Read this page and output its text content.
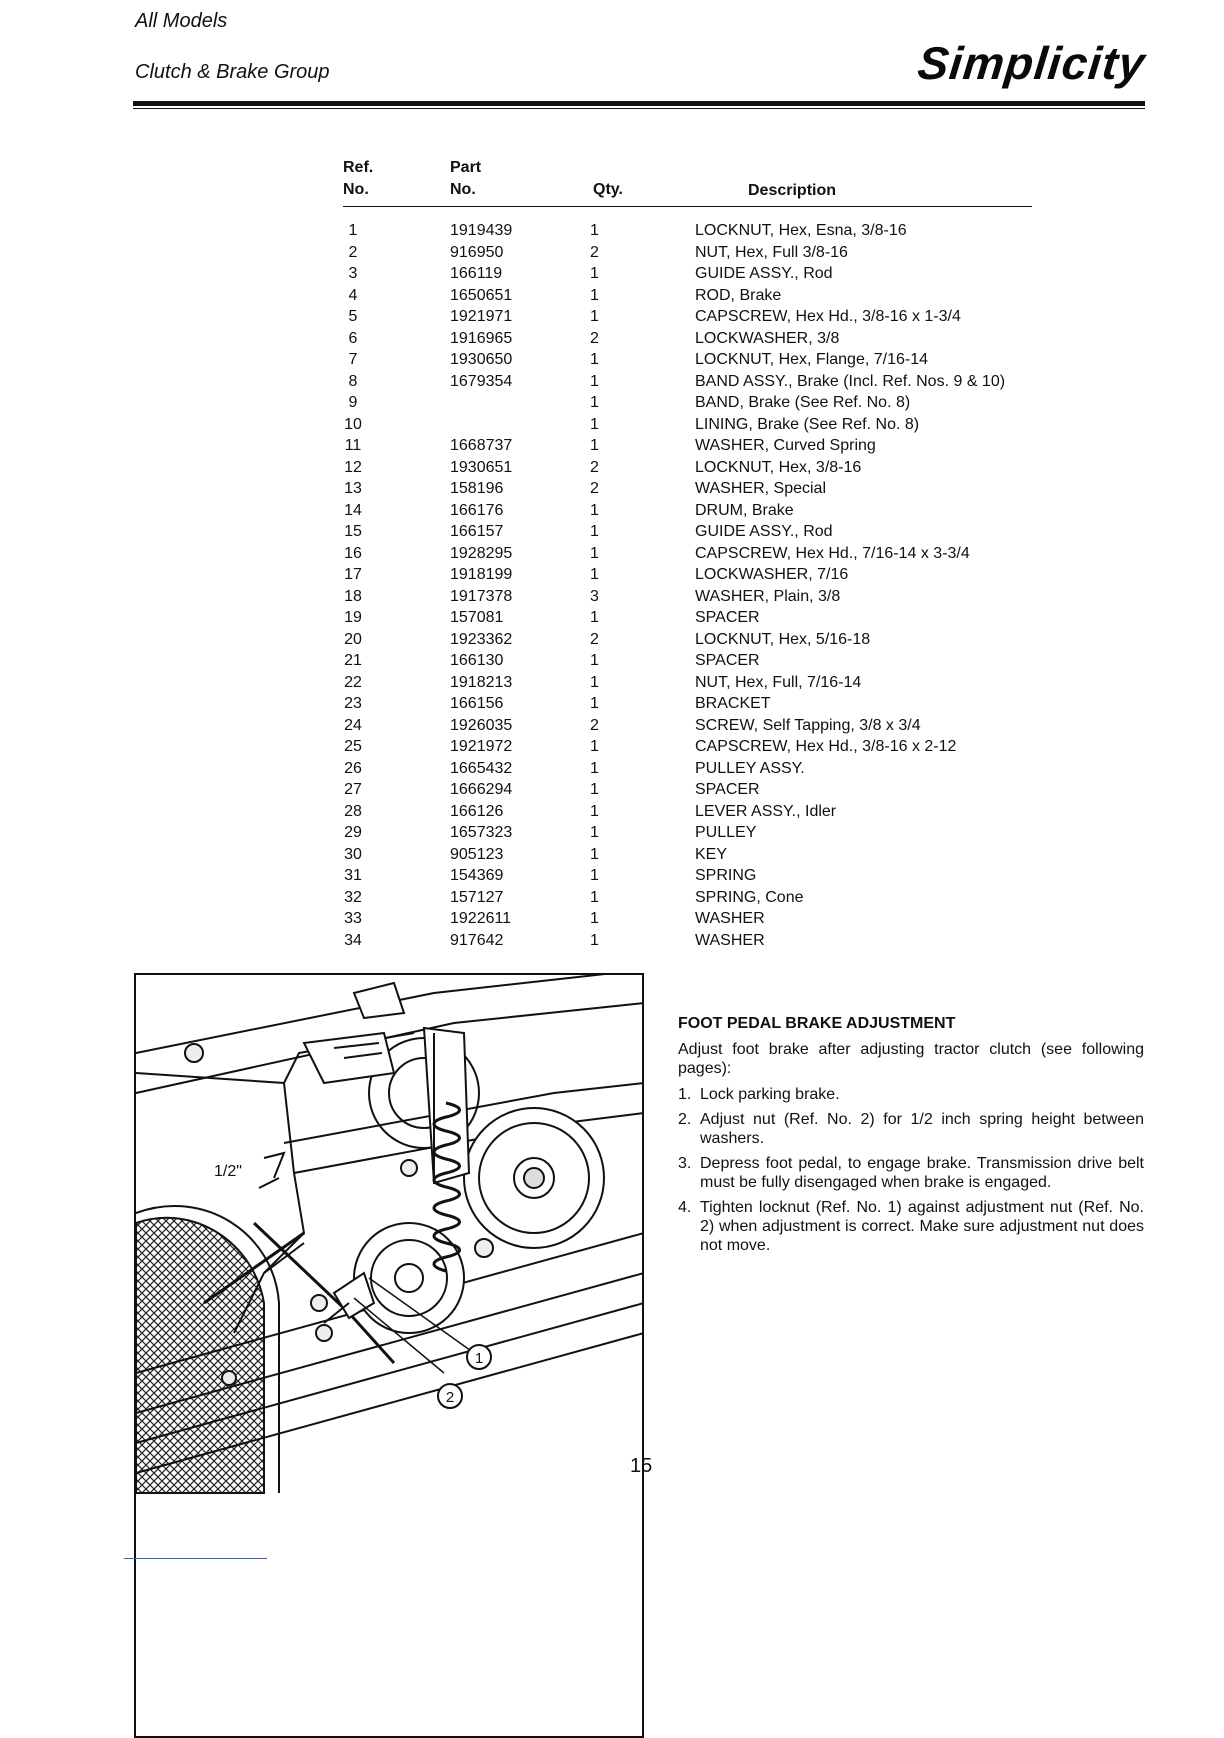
All Models
Clutch & Brake Group	Simplicity
Ref.
No.
Part
No.	Qty.	Description
1	1919439	1	LOCKNUT, Hex, Esna, 3/8-16
2	916950	2	NUT, Hex, Full 3/8-16
3	166119	1	GUIDE ASSY., Rod
4	1650651	1	ROD, Brake
5	1921971	1	CAPSCREW, Hex Hd., 3/8-16 x 1-3/4
6	1916965	2	LOCKWASHER, 3/8
7	1930650	1	LOCKNUT, Hex, Flange, 7/16-14
8	1679354	1	BAND ASSY., Brake (Incl. Ref. Nos. 9 & 10)
9		1	BAND, Brake (See Ref. No. 8)
10		1	LINING, Brake (See Ref. No. 8)
11	1668737	1	WASHER, Curved Spring
12	1930651	2	LOCKNUT, Hex, 3/8-16
13	158196	2	WASHER, Special
14	166176	1	DRUM, Brake
15	166157	1	GUIDE ASSY., Rod
16	1928295	1	CAPSCREW, Hex Hd., 7/16-14 x 3-3/4
17	1918199	1	LOCKWASHER, 7/16
18	1917378	3	WASHER, Plain, 3/8
19	157081	1	SPACER
20	1923362	2	LOCKNUT, Hex, 5/16-18
21	166130	1	SPACER
22	1918213	1	NUT, Hex, Full, 7/16-14
23	166156	1	BRACKET
24	1926035	2	SCREW, Self Tapping, 3/8 x 3/4
25	1921972	1	CAPSCREW, Hex Hd., 3/8-16 x 2-12
26	1665432	1	PULLEY ASSY.
27	1666294	1	SPACER
28	166126	1	LEVER ASSY., Idler
29	1657323	1	PULLEY
30	905123	1	KEY
31	154369	1	SPRING
32	157127	1	SPRING, Cone
33	1922611	1	WASHER
34	917642	1	WASHER
1/2"
1
2
FOOT PEDAL BRAKE ADJUSTMENT
Adjust foot brake after adjusting tractor clutch (see following pages):
1. Lock parking brake.
2. Adjust nut (Ref. No. 2) for 1/2 inch spring height between washers.
3. Depress foot pedal, to engage brake. Transmission drive belt must be fully disengaged when brake is engaged.
4. Tighten locknut (Ref. No. 1) against adjustment nut (Ref. No. 2) when adjustment is correct. Make sure adjustment nut does not move.
15
